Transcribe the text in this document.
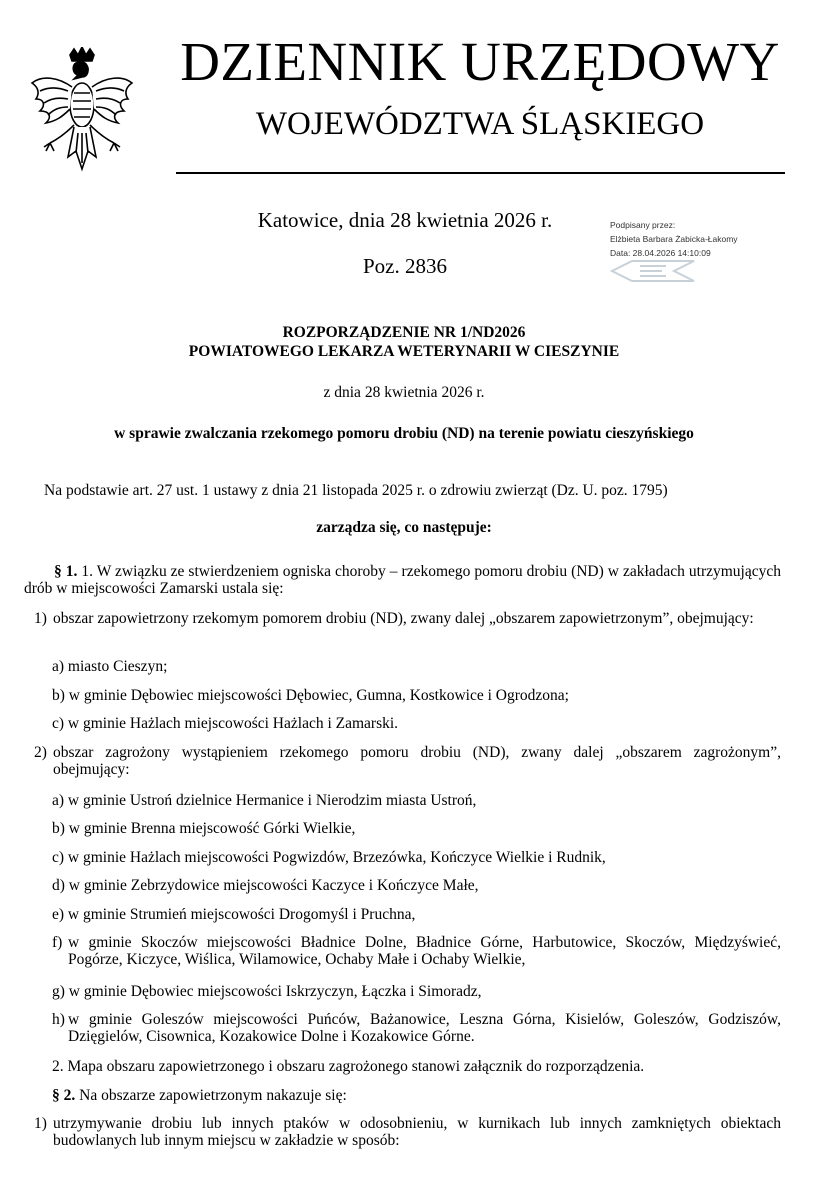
DZIENNIK URZĘDOWY
WOJEWÓDZTWA ŚLĄSKIEGO
Katowice, dnia 28 kwietnia 2026 r.
Poz. 2836
Podpisany przez:
Elżbieta Barbara Żabicka-Łakomy
Data: 28.04.2026 14:10:09
ROZPORZĄDZENIE NR 1/ND2026
POWIATOWEGO LEKARZA WETERYNARII W CIESZYNIE
z dnia 28 kwietnia 2026 r.
w sprawie zwalczania rzekomego pomoru drobiu (ND) na terenie powiatu cieszyńskiego
Na podstawie art. 27 ust. 1 ustawy z dnia 21 listopada 2025 r. o zdrowiu zwierząt (Dz. U. poz. 1795)
zarządza się, co następuje:
§ 1. 1. W związku ze stwierdzeniem ogniska choroby – rzekomego pomoru drobiu (ND) w zakładach utrzymujących drób w miejscowości Zamarski ustala się:
1) obszar zapowietrzony rzekomym pomorem drobiu (ND), zwany dalej „obszarem zapowietrzonym”, obejmujący:
a) miasto Cieszyn;
b) w gminie Dębowiec miejscowości Dębowiec, Gumna, Kostkowice i Ogrodzona;
c) w gminie Hażlach miejscowości Hażlach i Zamarski.
2) obszar zagrożony wystąpieniem rzekomego pomoru drobiu (ND), zwany dalej „obszarem zagrożonym”, obejmujący:
a) w gminie Ustroń dzielnice Hermanice i Nierodzim miasta Ustroń,
b) w gminie Brenna miejscowość Górki Wielkie,
c) w gminie Hażlach miejscowości Pogwizdów, Brzezówka, Kończyce Wielkie i Rudnik,
d) w gminie Zebrzydowice miejscowości Kaczyce i Kończyce Małe,
e) w gminie Strumień miejscowości Drogomyśl i Pruchna,
f) w gminie Skoczów miejscowości Bładnice Dolne, Bładnice Górne, Harbutowice, Skoczów, Międzyświeć, Pogórze, Kiczyce, Wiślica, Wilamowice, Ochaby Małe i Ochaby Wielkie,
g) w gminie Dębowiec miejscowości Iskrzyczyn, Łączka i Simoradz,
h) w gminie Goleszów miejscowości Puńców, Bażanowice, Leszna Górna, Kisielów, Goleszów, Godziszów, Dzięgielów, Cisownica, Kozakowice Dolne i Kozakowice Górne.
2. Mapa obszaru zapowietrzonego i obszaru zagrożonego stanowi załącznik do rozporządzenia.
§ 2. Na obszarze zapowietrzonym nakazuje się:
1) utrzymywanie drobiu lub innych ptaków w odosobnieniu, w kurnikach lub innych zamkniętych obiektach budowlanych lub innym miejscu w zakładzie w sposób:
